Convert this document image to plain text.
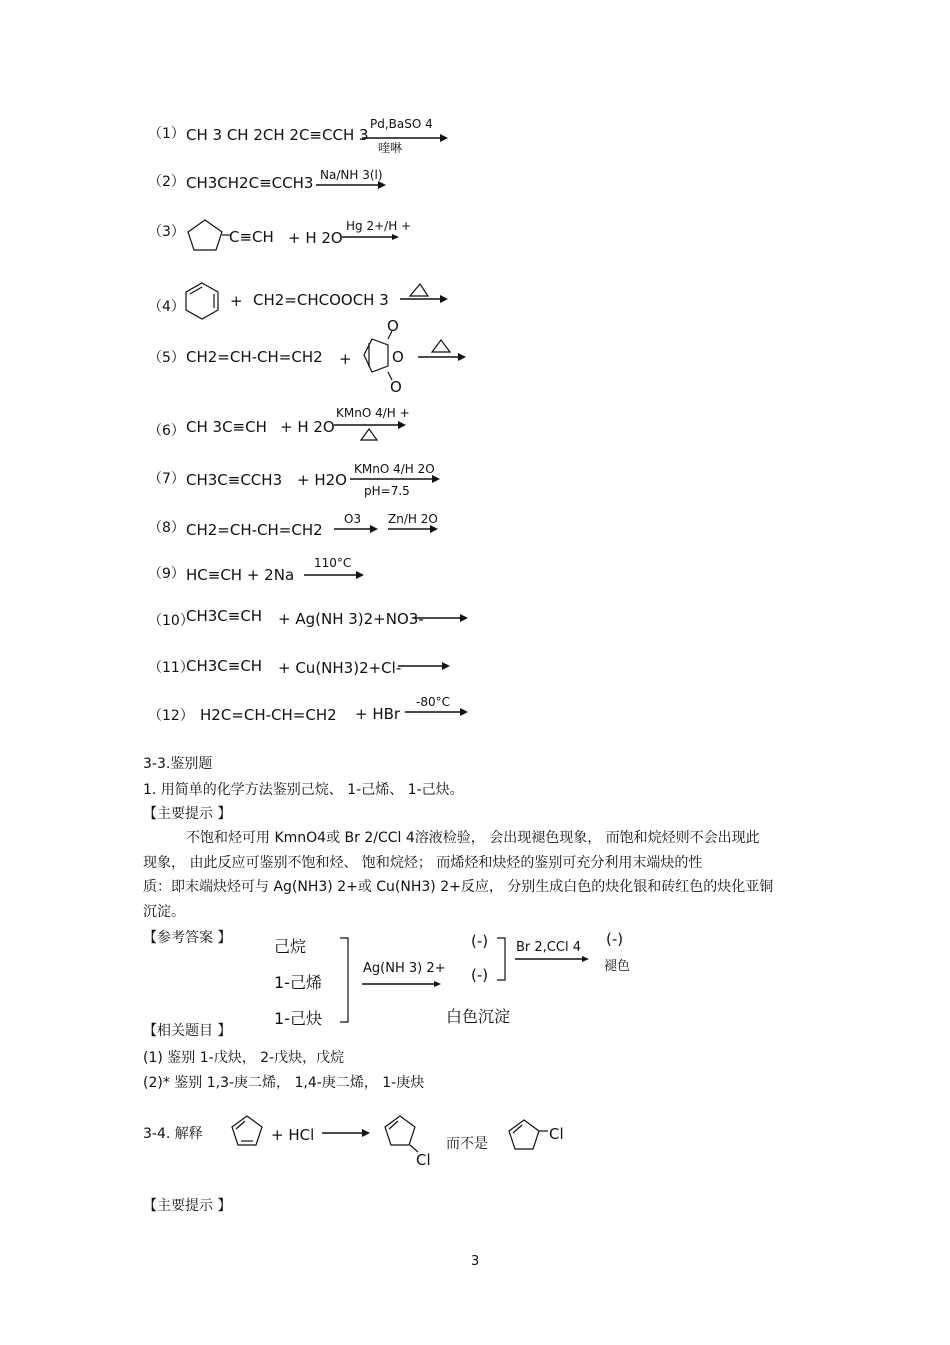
（1） CH 3 CH 2CH 2C≡CCH 3
Pd,BaSO 4
喹啉
（2） CH3CH2C≡CCH3 Na/NH 3(l)
（3）	C≡CH + H 2O
Hg 2+/H +
（4）	+ CH2=CHCOOCH 3
（5） CH2=CH-CH=CH2 +
O
O
O
（6） CH 3C≡CH + H 2O
KMnO 4/H +
（7） CH3C≡CCH3 + H2O
KMnO 4/H 2O
pH=7.5
（8） CH2=CH-CH=CH2
O3 Zn/H 2O
（9） HC≡CH + 2Na
110°C
（10）
CH3C≡CH + Ag(NH 3)2+NO3-
（11）
CH3C≡CH + Cu(NH3)2+Cl-
（12） H2C=CH-CH=CH2 + HBr
-80°C
3-3.鉴别题
1. 用简单的化学方法鉴别己烷、 1-己烯、 1-己炔。
【主要提示 】
不饱和烃可用 KmnO4或 Br 2/CCl 4溶液检验， 会出现褪色现象， 而饱和烷烃则不会出现此
现象， 由此反应可鉴别不饱和烃、 饱和烷烃； 而烯烃和炔烃的鉴别可充分利用末端炔的性
质：即末端炔烃可与 Ag(NH3) 2+或 Cu(NH3) 2+反应， 分别生成白色的炔化银和砖红色的炔化亚铜
沉淀。
【参考答案 】	己烷
1-己烯
1-己炔
Ag(NH 3) 2+
(-)
(-)
白色沉淀
Br 2,CCl 4 (-)
褪色
【相关题目 】
(1) 鉴别 1-戊炔， 2-戊炔，戊烷
(2)* 鉴别 1,3-庚二烯， 1,4-庚二烯， 1-庚炔
3-4. 解释	+ HCl
Cl
而不是
Cl
【主要提示 】
3
